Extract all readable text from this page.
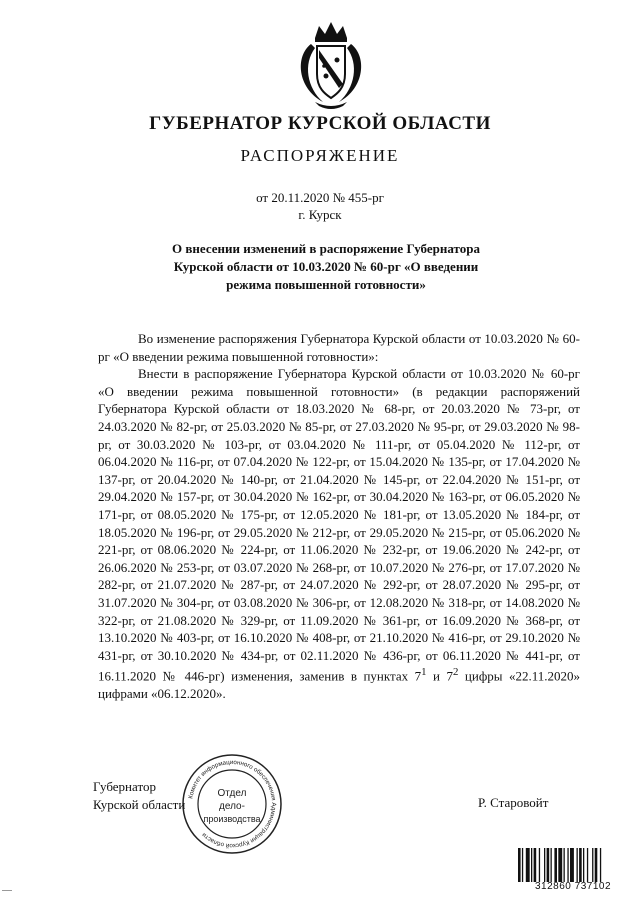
ГУБЕРНАТОР КУРСКОЙ ОБЛАСТИ
РАСПОРЯЖЕНИЕ
от 20.11.2020 № 455-рг
г. Курск
О внесении изменений в распоряжение Губернатора
Курской области от 10.03.2020 № 60-рг «О введении
режима повышенной готовности»

Во изменение распоряжения Губернатора Курской области от 10.03.2020 № 60-рг «О введении режима повышенной готовности»:

Внести в распоряжение Губернатора Курской области от 10.03.2020 № 60-рг «О введении режима повышенной готовности» (в редакции распоряжений Губернатора Курской области от 18.03.2020 № 68-рг, от 20.03.2020 № 73-рг, от 24.03.2020 № 82-рг, от 25.03.2020 № 85-рг, от 27.03.2020 № 95-рг, от 29.03.2020 № 98-рг, от 30.03.2020 № 103-рг, от 03.04.2020 № 111-рг, от 05.04.2020 № 112-рг, от 06.04.2020 № 116-рг, от 07.04.2020 № 122-рг, от 15.04.2020 № 135-рг, от 17.04.2020 № 137-рг, от 20.04.2020 № 140-рг, от 21.04.2020 № 145-рг, от 22.04.2020 № 151-рг, от 29.04.2020 № 157-рг, от 30.04.2020 № 162-рг, от 30.04.2020 № 163-рг, от 06.05.2020 № 171-рг, от 08.05.2020 № 175-рг, от 12.05.2020 № 181-рг, от 13.05.2020 № 184-рг, от 18.05.2020 № 196-рг, от 29.05.2020 № 212-рг, от 29.05.2020 № 215-рг, от 05.06.2020 № 221-рг, от 08.06.2020 № 224-рг, от 11.06.2020 № 232-рг, от 19.06.2020 № 242-рг, от 26.06.2020 № 253-рг, от 03.07.2020 № 268-рг, от 10.07.2020 № 276-рг, от 17.07.2020 № 282-рг, от 21.07.2020 № 287-рг, от 24.07.2020 № 292-рг, от 28.07.2020 № 295-рг, от 31.07.2020 № 304-рг, от 03.08.2020 № 306-рг, от 12.08.2020 № 318-рг, от 14.08.2020 № 322-рг, от 21.08.2020 № 329-рг, от 11.09.2020 № 361-рг, от 16.09.2020 № 368-рг, от 13.10.2020 № 403-рг, от 16.10.2020 № 408-рг, от 21.10.2020 № 416-рг, от 29.10.2020 № 431-рг, от 30.10.2020 № 434-рг, от 02.11.2020 № 436-рг, от 06.11.2020 № 441-рг, от 16.11.2020 № 446-рг) изменения, заменив в пунктах $7^1$ и $7^2$ цифры «22.11.2020» цифрами «06.12.2020».

Губернатор
Курской области	Р. Старовойт
Комитет информационного обеспечения Администрации Курской области
Отдел
дело-
производства
312860 737102
